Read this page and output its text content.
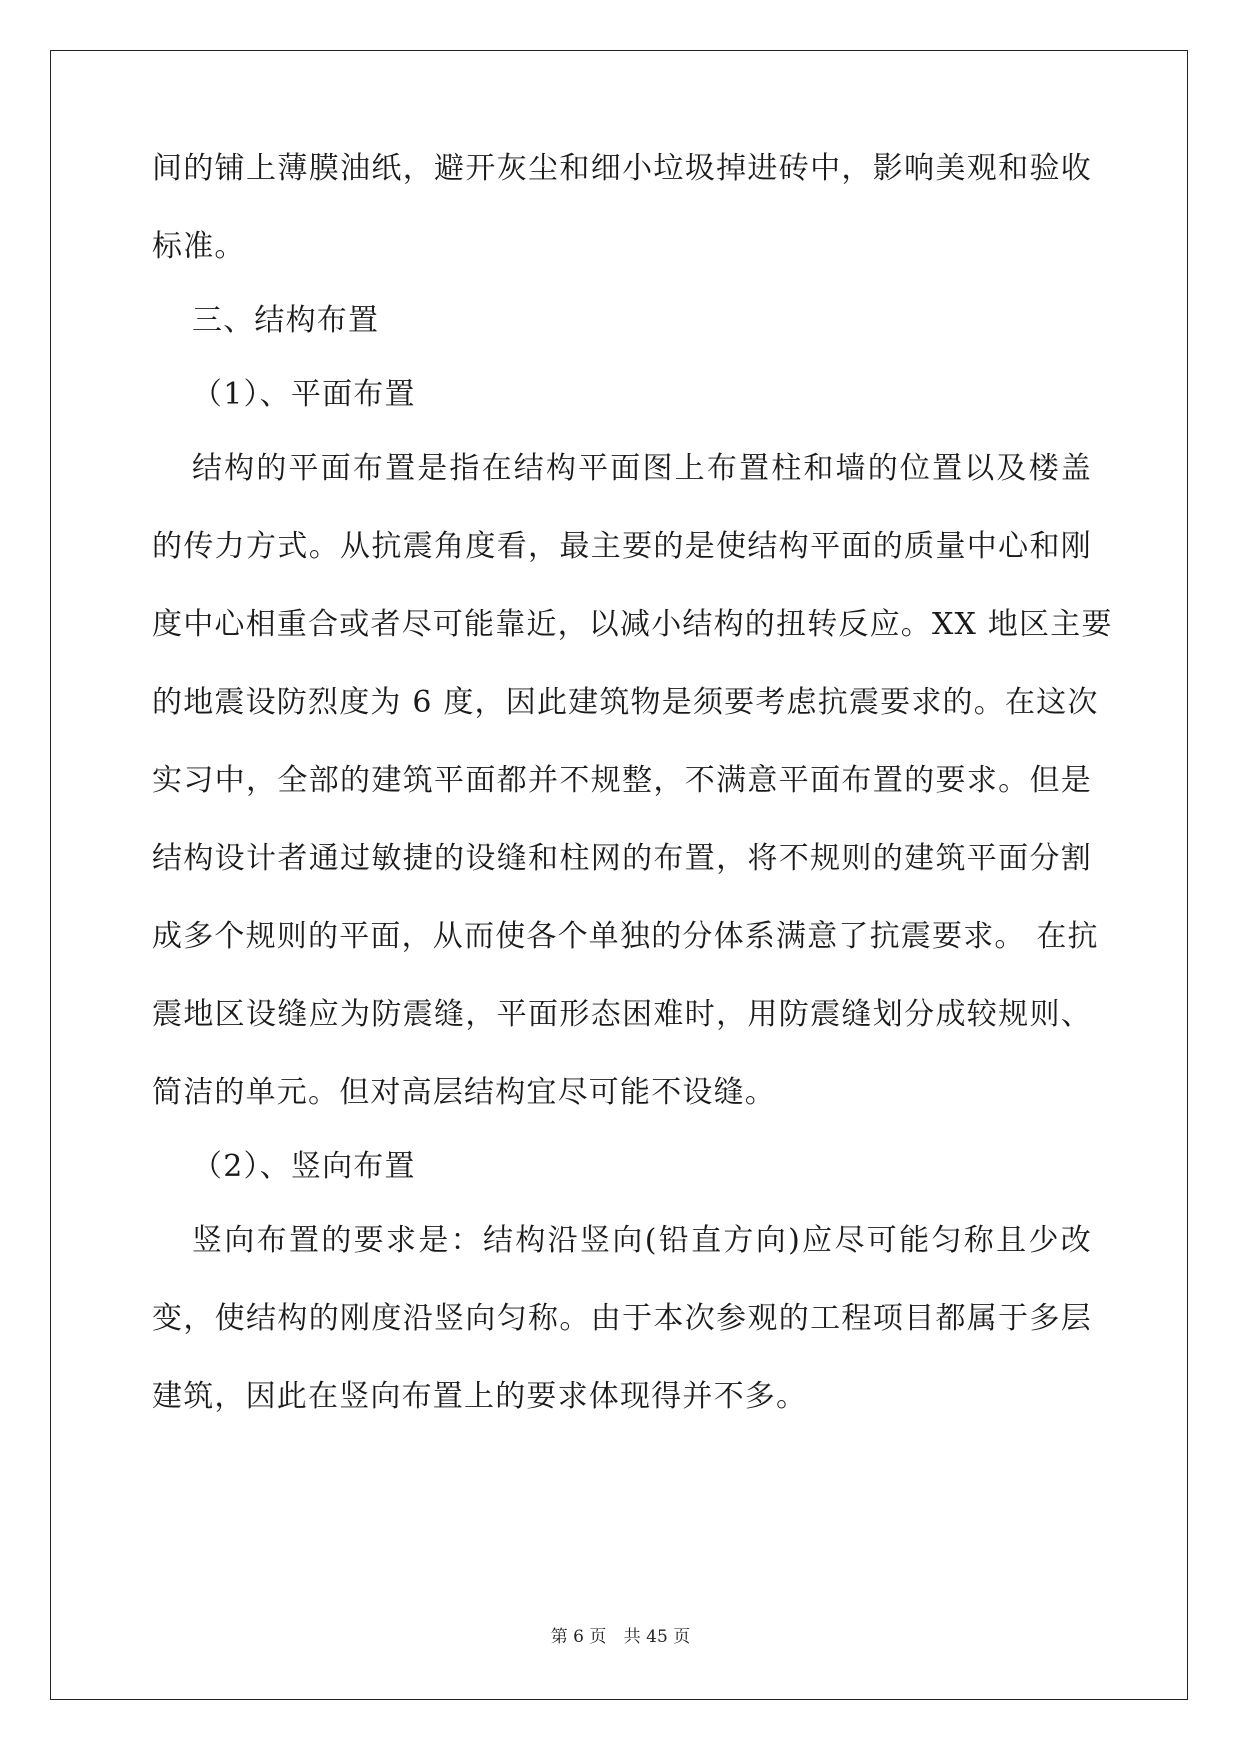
间的铺上薄膜油纸，避开灰尘和细小垃圾掉进砖中，影响美观和验收
标准。
三、结构布置
（1）、平面布置
结构的平面布置是指在结构平面图上布置柱和墙的位置以及楼盖
的传力方式。从抗震角度看，最主要的是使结构平面的质量中心和刚
度中心相重合或者尽可能靠近，以减小结构的扭转反应。XX 地区主要
的地震设防烈度为 6 度，因此建筑物是须要考虑抗震要求的。在这次
实习中，全部的建筑平面都并不规整，不满意平面布置的要求。但是
结构设计者通过敏捷的设缝和柱网的布置，将不规则的建筑平面分割
成多个规则的平面，从而使各个单独的分体系满意了抗震要求。 在抗
震地区设缝应为防震缝，平面形态困难时，用防震缝划分成较规则、
简洁的单元。但对高层结构宜尽可能不设缝。
（2）、竖向布置
竖向布置的要求是：结构沿竖向(铅直方向)应尽可能匀称且少改
变，使结构的刚度沿竖向匀称。由于本次参观的工程项目都属于多层
建筑，因此在竖向布置上的要求体现得并不多。
第 6 页 共 45 页
